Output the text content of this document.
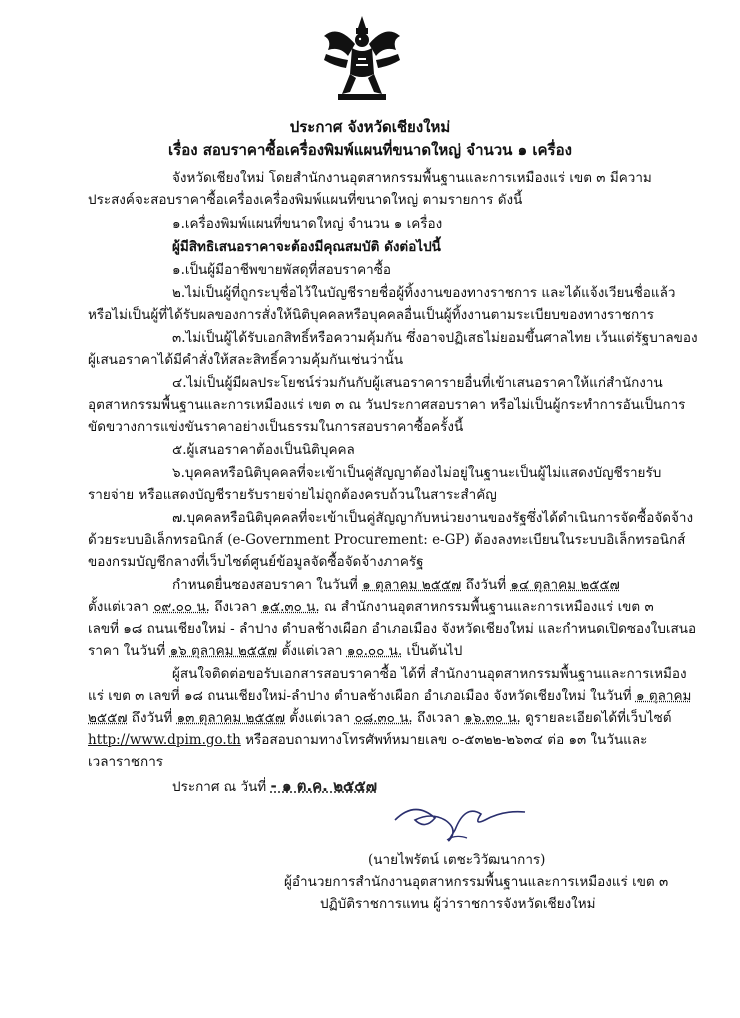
ประกาศ จังหวัดเชียงใหม่
เรื่อง สอบราคาซื้อเครื่องพิมพ์แผนที่ขนาดใหญ่ จำนวน ๑ เครื่อง
จังหวัดเชียงใหม่ โดยสำนักงานอุตสาหกรรมพื้นฐานและการเหมืองแร่ เขต ๓ มีความ
ประสงค์จะสอบราคาซื้อเครื่องเครื่องพิมพ์แผนที่ขนาดใหญ่ ตามรายการ ดังนี้
๑.เครื่องพิมพ์แผนที่ขนาดใหญ่ จำนวน ๑ เครื่อง
ผู้มีสิทธิเสนอราคาจะต้องมีคุณสมบัติ ดังต่อไปนี้
๑.เป็นผู้มีอาชีพขายพัสดุที่สอบราคาซื้อ
๒.ไม่เป็นผู้ที่ถูกระบุชื่อไว้ในบัญชีรายชื่อผู้ทิ้งงานของทางราชการ และได้แจ้งเวียนชื่อแล้ว
หรือไม่เป็นผู้ที่ได้รับผลของการสั่งให้นิติบุคคลหรือบุคคลอื่นเป็นผู้ทิ้งงานตามระเบียบของทางราชการ
๓.ไม่เป็นผู้ได้รับเอกสิทธิ์หรือความคุ้มกัน ซึ่งอาจปฏิเสธไม่ยอมขึ้นศาลไทย เว้นแต่รัฐบาลของ
ผู้เสนอราคาได้มีคำสั่งให้สละสิทธิ์ความคุ้มกันเช่นว่านั้น
๔.ไม่เป็นผู้มีผลประโยชน์ร่วมกันกับผู้เสนอราคารายอื่นที่เข้าเสนอราคาให้แก่สำนักงาน
อุตสาหกรรมพื้นฐานและการเหมืองแร่ เขต ๓ ณ วันประกาศสอบราคา หรือไม่เป็นผู้กระทำการอันเป็นการ
ขัดขวางการแข่งขันราคาอย่างเป็นธรรมในการสอบราคาซื้อครั้งนี้
๕.ผู้เสนอราคาต้องเป็นนิติบุคคล
๖.บุคคลหรือนิติบุคคลที่จะเข้าเป็นคู่สัญญาต้องไม่อยู่ในฐานะเป็นผู้ไม่แสดงบัญชีรายรับ
รายจ่าย หรือแสดงบัญชีรายรับรายจ่ายไม่ถูกต้องครบถ้วนในสาระสำคัญ
๗.บุคคลหรือนิติบุคคลที่จะเข้าเป็นคู่สัญญากับหน่วยงานของรัฐซึ่งได้ดำเนินการจัดซื้อจัดจ้าง
ด้วยระบบอิเล็กทรอนิกส์ (e-Government Procurement: e-GP) ต้องลงทะเบียนในระบบอิเล็กทรอนิกส์
ของกรมบัญชีกลางที่เว็บไซต์ศูนย์ข้อมูลจัดซื้อจัดจ้างภาครัฐ
กำหนดยื่นซองสอบราคา ในวันที่ ๑ ตุลาคม ๒๕๕๗ ถึงวันที่ ๑๔ ตุลาคม ๒๕๕๗
ตั้งแต่เวลา ๐๙.๐๐ น. ถึงเวลา ๑๕.๓๐ น. ณ สำนักงานอุตสาหกรรมพื้นฐานและการเหมืองแร่ เขต ๓
เลขที่ ๑๘ ถนนเชียงใหม่ - ลำปาง ตำบลช้างเผือก อำเภอเมือง จังหวัดเชียงใหม่ และกำหนดเปิดซองใบเสนอ
ราคา ในวันที่ ๑๖ ตุลาคม ๒๕๕๗ ตั้งแต่เวลา ๑๐.๐๐ น. เป็นต้นไป
ผู้สนใจติดต่อขอรับเอกสารสอบราคาซื้อ ได้ที่ สำนักงานอุตสาหกรรมพื้นฐานและการเหมือง
แร่ เขต ๓ เลขที่ ๑๘ ถนนเชียงใหม่-ลำปาง ตำบลช้างเผือก อำเภอเมือง จังหวัดเชียงใหม่ ในวันที่ ๑ ตุลาคม
๒๕๕๗ ถึงวันที่ ๑๓ ตุลาคม ๒๕๕๗ ตั้งแต่เวลา ๐๘.๓๐ น. ถึงเวลา ๑๖.๓๐ น. ดูรายละเอียดได้ที่เว็บไซต์
http://www.dpim.go.th หรือสอบถามทางโทรศัพท์หมายเลข ๐-๕๓๒๒-๒๖๓๔ ต่อ ๑๓ ในวันและ
เวลาราชการ
ประกาศ ณ วันที่ - ๑ ต.ค. ๒๕๕๗
(นายไพรัตน์ เตชะวิวัฒนาการ)
ผู้อำนวยการสำนักงานอุตสาหกรรมพื้นฐานและการเหมืองแร่ เขต ๓
ปฏิบัติราชการแทน ผู้ว่าราชการจังหวัดเชียงใหม่
